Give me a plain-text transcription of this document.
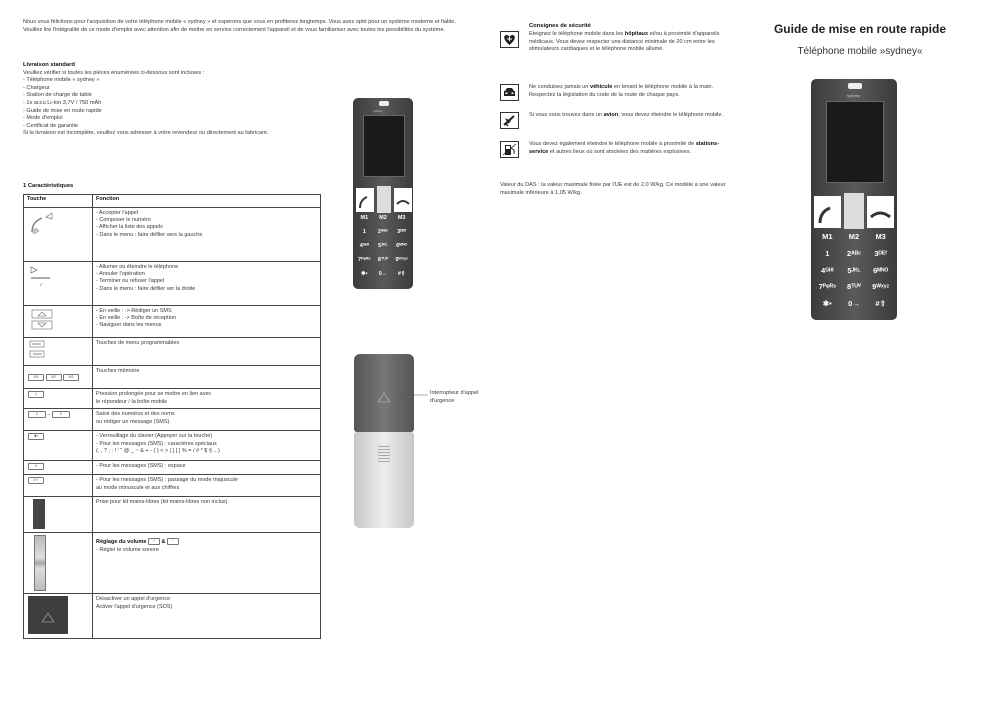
Nous vous félicitons pour l'acquisition de votre téléphone mobile « sydney » et espérons que vous en profiterez longtemps. Vous avez opté pour un système moderne et fiable. Veuillez lire l'intégralité de ce mode d'emploi avec attention afin de mettre en service correctement l'appareil et de vous familiariser avec toutes les possibilités du système.

Livraison standard
Veuillez vérifier si toutes les pièces énumérées ci-dessous sont incluses :
- Téléphone mobile « sydney »
- Chargeur
- Station de charge de table
- 1x accu Li-Ion 3,7V / 750 mAh
- Guide de mise en route rapide
- Mode d'emploi
- Certificat de garantie
Si la livraison est incomplète, veuillez vous adresser à votre revendeur ou directement au fabricant.
1 Caractéristiques
Touche	Fonction

- Accepter l'appel
- Composer le numéro
- Afficher la liste des appels
- Dans le menu : faire défiler vers la gauche

- Allumer ou éteindre le téléphone
- Annuler l'opération
- Terminer ou refuser l'appel
- Dans le menu : faire défiler ver la droite

- En veille : -> Rédiger un SMS
- En veille : -> Boîte de réception
- Naviguer dans les menus

Touches de menu programmables

M1 M2 M3	Touches mémoire

1	Pression prolongée pour se mettre en lien avec
le répondeur / la boîte mobile

0 – 9	Saisir des numéros et des noms
ou rédiger un message (SMS).

✱•	- Verrouillage du clavier (Appuyer sur la touche)
- Pour les messages (SMS) : caractères spéciaux
(. , ? ; : ! ' " @ _ ~ & + - ( ) < > | ] [ ] % = / # * $ § ...)

0	- Pour les messages (SMS) : espace

#⇧	- Pour les messages (SMS) : passage du mode majuscule
au mode minuscule et aux chiffres

	Prise pour kit mains-libres (kit mains-libres non inclus)

	Réglage du volume + & −
- Régler le volume sonore

Désactiver un appel d'urgence
Activer l'appel d'urgence (SOS)
sydney
M1	M2	M3
1	2ᴬᴮᶜ	3ᴰᴱᶠ
4ᴳᴴᴵ	5ᴶᴷᴸ	6ᴹᴺᴼ
7ᴾᵠᴿˢ	8ᵀᵁⱽ	9ᵂˣʸᶻ
✱•	0→	#⇧
Interrupteur d'appel
d'urgence
Consignes de sécurité
Eteignez le téléphone mobile dans les hôpitaux et/ou à proximité d'appareils médicaux. Vous devez respecter une distance minimale de 20 cm entre les stimulateurs cardiaques et le téléphone mobile allumé.
Ne conduisez jamais un véhicule en tenant le téléphone mobile à la main. Respectez la législation du code de la route de chaque pays.
Si vous vous trouvez dans un avion, vous devez éteindre le téléphone mobile.
Vous devez également éteindre le téléphone mobile à proximité de stations-service et autres lieux où sont stockées des matières explosives.

Valeur du DAS : la valeur maximale fixée par l'UE est de 2,0 W/kg. Ce modèle a une valeur maximale inférieure à 1,05 W/kg.

Guide de mise en route rapide
Téléphone mobile »sydney«
sydney
M1	M2	M3
1	2ᴬᴮᶜ	3ᴰᴱᶠ
4ᴳᴴᴵ	5ᴶᴷᴸ	6ᴹᴺᴼ
7ᴾᵠᴿˢ	8ᵀᵁⱽ	9ᵂˣʸᶻ
✱•	0→	#⇧
